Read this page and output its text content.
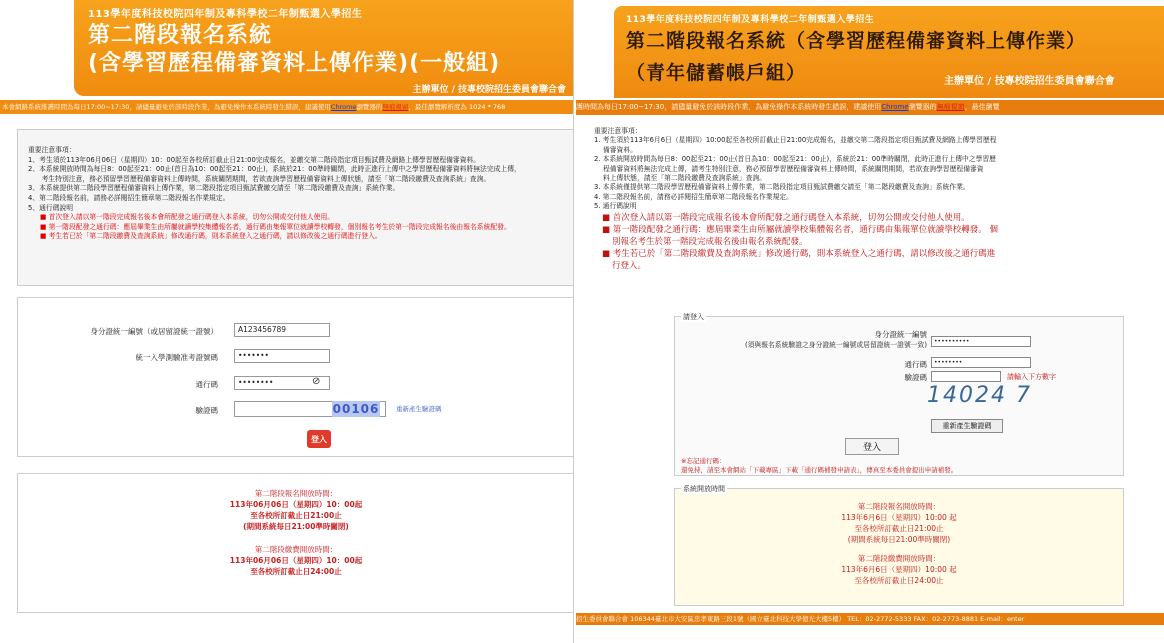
113學年度科技校院四年制及專科學校二年制甄選入學招生
第二階段報名系統
(含學習歷程備審資料上傳作業)(一般組)
主辦單位 / 技專校院招生委員會聯合會
本會網路系統維護時間為每日17:00~17:30，請儘量避免於該時段作業，為避免操作本系統時發生錯誤，建議使用Chrome瀏覽器的無痕視窗，最佳瀏覽解析度為 1024 * 768
重要注意事項：
1、考生須於113年06月06日（星期四）10：00起至各校所訂截止日21:00完成報名，並繳交第二階段指定項目甄試費及網路上傳學習歷程備審資料。
2、本系統開放時間為每日8：00起至21：00止(首日為10：00起至21：00止)，系統於21：00準時關閉，此時正進行上傳中之學習歷程備審資料將無法完成上傳，
　　考生特別注意，務必預留學習歷程備審資料上傳時間，系統關閉期間，若欲查詢學習歷程備審資料上傳狀態，請至「第二階段繳費及查詢系統」查詢。
3、本系統提供第二階段學習歷程備審資料上傳作業，第二階段指定項目甄試費繳交請至「第二階段繳費及查詢」系統作業。
4、第二階段報名前，請務必詳閱招生簡章第二階段報名作業規定。
5、通行碼說明
■ 首次登入請以第一階段完成報名後本會所配發之通行碼登入本系統，切勿公開或交付他人使用。
■ 第一階段配發之通行碼：應屆畢業生由所屬就讀學校集體報名者，通行碼由集報單位就讀學校轉發，個別報名考生於第一階段完成報名後由報名系統配發。
■ 考生若已於「第二階段繳費及查詢系統」修改通行碼，則本系統登入之通行碼，請以修改後之通行碼進行登入。
身分證統一編號（或居留證統一證號）	A123456789
統一入學測驗准考證號碼	•••••••
通行碼	••••••••	⊘
驗證碼	00106	重新產生驗證碼
登入
第二階段報名開放時間：
113年06月06日（星期四）10：00起
至各校所訂截止日21:00止
(期間系統每日21:00準時關閉)
第二階段繳費開放時間：
113年06月06日（星期四）10：00起
至各校所訂截止日24:00止
113學年度科技校院四年制及專科學校二年制甄選入學招生
第二階段報名系統（含學習歷程備審資料上傳作業）
（青年儲蓄帳戶組）	主辦單位 / 技專校院招生委員會聯合會
護時間為每日17:00~17:30，請儘量避免於該時段作業，為避免操作本系統時發生錯誤，建議使用Chrome瀏覽器的無痕視窗，最佳瀏覽
重要注意事項：
1. 考生須於113年6月6日（星期四）10:00起至各校所訂截止日21:00完成報名，並繳交第二階段指定項目甄試費及網路上傳學習歷程
　 備審資料。
2. 本系統開放時間為每日8：00起至21：00止(首日為10：00起至21：00止)，系統於21：00準時關閉，此時正進行上傳中之學習歷
　 程備審資料將無法完成上傳，請考生特別注意，務必預留學習歷程備審資料上傳時間，系統關閉期間，若欲查詢學習歷程備審資
　 料上傳狀態，請至「第二階段繳費及查詢系統」查詢。
3. 本系統僅提供第二階段學習歷程備審資料上傳作業，第二階段指定項目甄試費繳交請至「第二階段繳費及查詢」系統作業。
4. 第二階段報名前，請務必詳閱招生簡章第二階段報名作業規定。
5. 通行碼說明
■ 首次登入請以第一階段完成報名後本會所配發之通行碼登入本系統，切勿公開或交付他人使用。
■ 第一階段配發之通行碼：應屆畢業生由所屬就讀學校集體報名者，通行碼由集報單位就讀學校轉發。 個
別報名考生於第一階段完成報名後由報名系統配發。
■ 考生若已於「第二階段繳費及查詢系統」修改通行碼，則本系統登入之通行碼，請以修改後之通行碼進
行登入。
請登入
身分證統一編號
(須與報名系統驗證之身分證統一編號或居留證統一證號一致)	••••••••••
通行碼	••••••••
驗證碼	請輸入下方數字
14024 7
重新產生驗證碼
登入
※忘記通行碼：
還免持，請至本會網站「下載專區」下載「通行碼補發申請表」，傳真至本委員會提出申請補發。
系統開放時間
第二階段報名開放時間：
113年6月6日（星期四）10:00 起
至各校所訂截止日21:00止
(期間系統每日21:00準時關閉)
第二階段繳費開放時間：
113年6月6日（星期四）10:00 起
至各校所訂截止日24:00止
招生委員會聯合會 106344臺北市大安區忠孝東路三段1號（國立臺北科技大學億光大樓5樓） TEL：02-2772-5333 FAX：02-2773-8881 E-mail：enter
